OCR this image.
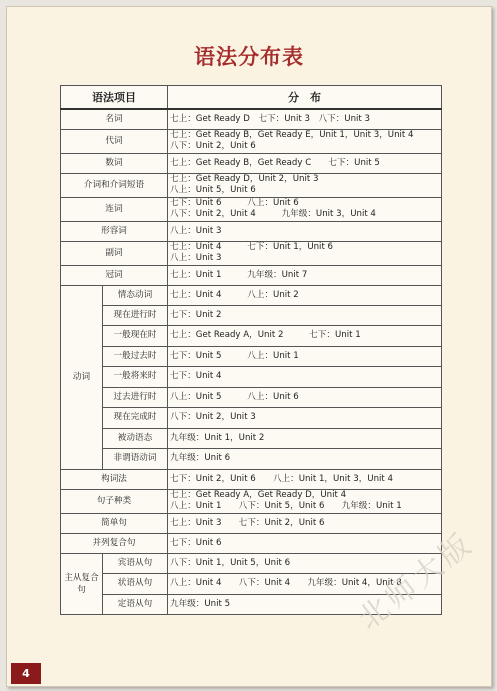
语法分布表
语法项目		分　布
名词		七上：Get Ready D　七下：Unit 3　八下：Unit 3

代词		七上：Get Ready B，Get Ready E，Unit 1，Unit 3，Unit 4
八下：Unit 2，Unit 6

数词		七上：Get Ready B，Get Ready C　　七下：Unit 5

介词和介词短语		七上：Get Ready D，Unit 2，Unit 3
八上：Unit 5，Unit 6

连词		七下：Unit 6　　　八上：Unit 6
八下：Unit 2，Unit 4　　　九年级：Unit 3，Unit 4

形容词		八上：Unit 3

副词		七上：Unit 4　　　七下：Unit 1，Unit 6
八上：Unit 3

冠词		七上：Unit 1　　　九年级：Unit 7

动词	情态动词	七上：Unit 4　　　八上：Unit 2
	现在进行时	七下：Unit 2
	一般现在时	七上：Get Ready A，Unit 2　　　七下：Unit 1
	一般过去时	七下：Unit 5　　　八上：Unit 1
	一般将来时	七下：Unit 4
	过去进行时	八上：Unit 5　　　八上：Unit 6
	现在完成时	八下：Unit 2，Unit 3
	被动语态	九年级：Unit 1，Unit 2
	非谓语动词	九年级：Unit 6
构词法		七下：Unit 2，Unit 6　　八上：Unit 1，Unit 3，Unit 4

句子种类		七上：Get Ready A，Get Ready D，Unit 4
八上：Unit 1　　八下：Unit 5，Unit 6　　九年级：Unit 1

简单句		七上：Unit 3　　七下：Unit 2，Unit 6

并列复合句		七下：Unit 6

主从复合句	宾语从句	八下：Unit 1，Unit 5，Unit 6
	状语从句	八上：Unit 4　　八下：Unit 4　　九年级：Unit 4，Unit 8
	定语从句	九年级：Unit 5	北师大版
4
